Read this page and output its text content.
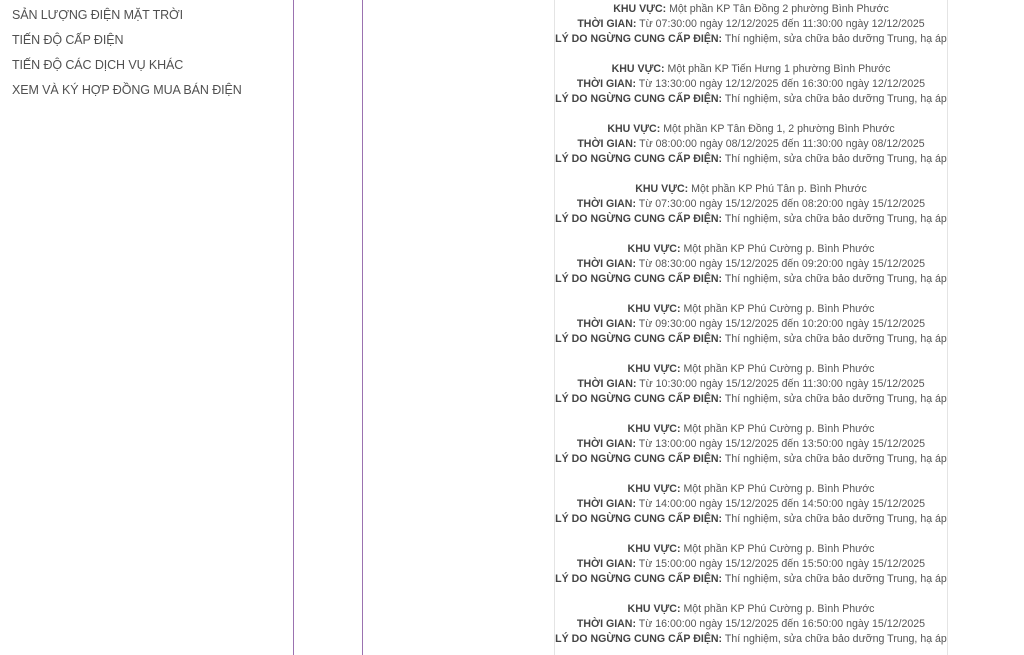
SẢN LƯỢNG ĐIỆN MẶT TRỜI
TIẾN ĐỘ CẤP ĐIỆN
TIẾN ĐỘ CÁC DỊCH VỤ KHÁC
XEM VÀ KÝ HỢP ĐỒNG MUA BÁN ĐIỆN
KHU VỰC: Một phần KP Tân Đồng 2 phường Bình Phước
THỜI GIAN: Từ 07:30:00 ngày 12/12/2025 đến 11:30:00 ngày 12/12/2025
LÝ DO NGỪNG CUNG CẤP ĐIỆN: Thí nghiệm, sửa chữa bảo dưỡng Trung, hạ áp
KHU VỰC: Một phần KP Tiến Hưng 1 phường Bình Phước
THỜI GIAN: Từ 13:30:00 ngày 12/12/2025 đến 16:30:00 ngày 12/12/2025
LÝ DO NGỪNG CUNG CẤP ĐIỆN: Thí nghiệm, sửa chữa bảo dưỡng Trung, hạ áp
KHU VỰC: Một phần KP Tân Đồng 1, 2 phường Bình Phước
THỜI GIAN: Từ 08:00:00 ngày 08/12/2025 đến 11:30:00 ngày 08/12/2025
LÝ DO NGỪNG CUNG CẤP ĐIỆN: Thí nghiệm, sửa chữa bảo dưỡng Trung, hạ áp
KHU VỰC: Một phần KP Phú Tân p. Bình Phước
THỜI GIAN: Từ 07:30:00 ngày 15/12/2025 đến 08:20:00 ngày 15/12/2025
LÝ DO NGỪNG CUNG CẤP ĐIỆN: Thí nghiệm, sửa chữa bảo dưỡng Trung, hạ áp
KHU VỰC: Một phần KP Phú Cường p. Bình Phước
THỜI GIAN: Từ 08:30:00 ngày 15/12/2025 đến 09:20:00 ngày 15/12/2025
LÝ DO NGỪNG CUNG CẤP ĐIỆN: Thí nghiệm, sửa chữa bảo dưỡng Trung, hạ áp
KHU VỰC: Một phần KP Phú Cường p. Bình Phước
THỜI GIAN: Từ 09:30:00 ngày 15/12/2025 đến 10:20:00 ngày 15/12/2025
LÝ DO NGỪNG CUNG CẤP ĐIỆN: Thí nghiệm, sửa chữa bảo dưỡng Trung, hạ áp
KHU VỰC: Một phần KP Phú Cường p. Bình Phước
THỜI GIAN: Từ 10:30:00 ngày 15/12/2025 đến 11:30:00 ngày 15/12/2025
LÝ DO NGỪNG CUNG CẤP ĐIỆN: Thí nghiệm, sửa chữa bảo dưỡng Trung, hạ áp
KHU VỰC: Một phần KP Phú Cường p. Bình Phước
THỜI GIAN: Từ 13:00:00 ngày 15/12/2025 đến 13:50:00 ngày 15/12/2025
LÝ DO NGỪNG CUNG CẤP ĐIỆN: Thí nghiệm, sửa chữa bảo dưỡng Trung, hạ áp
KHU VỰC: Một phần KP Phú Cường p. Bình Phước
THỜI GIAN: Từ 14:00:00 ngày 15/12/2025 đến 14:50:00 ngày 15/12/2025
LÝ DO NGỪNG CUNG CẤP ĐIỆN: Thí nghiệm, sửa chữa bảo dưỡng Trung, hạ áp
KHU VỰC: Một phần KP Phú Cường p. Bình Phước
THỜI GIAN: Từ 15:00:00 ngày 15/12/2025 đến 15:50:00 ngày 15/12/2025
LÝ DO NGỪNG CUNG CẤP ĐIỆN: Thí nghiệm, sửa chữa bảo dưỡng Trung, hạ áp
KHU VỰC: Một phần KP Phú Cường p. Bình Phước
THỜI GIAN: Từ 16:00:00 ngày 15/12/2025 đến 16:50:00 ngày 15/12/2025
LÝ DO NGỪNG CUNG CẤP ĐIỆN: Thí nghiệm, sửa chữa bảo dưỡng Trung, hạ áp
